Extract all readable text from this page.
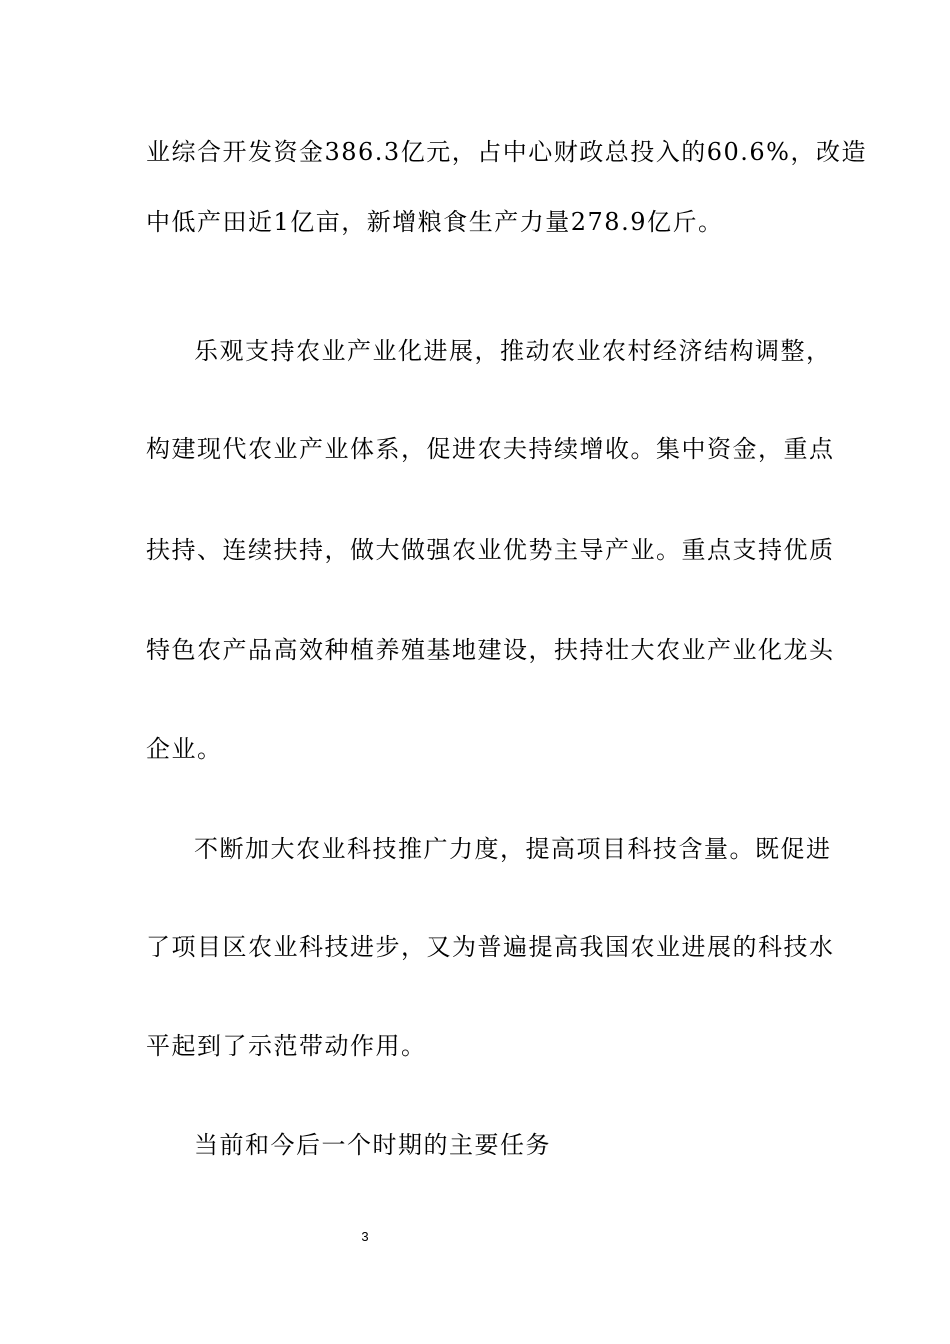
业综合开发资金386.3亿元，占中心财政总投入的60.6%，改造
中低产田近1亿亩，新增粮食生产力量278.9亿斤。
乐观支持农业产业化进展，推动农业农村经济结构调整，
构建现代农业产业体系，促进农夫持续增收。集中资金，重点
扶持、连续扶持，做大做强农业优势主导产业。重点支持优质
特色农产品高效种植养殖基地建设，扶持壮大农业产业化龙头
企业。
不断加大农业科技推广力度，提高项目科技含量。既促进
了项目区农业科技进步，又为普遍提高我国农业进展的科技水
平起到了示范带动作用。
当前和今后一个时期的主要任务
3
